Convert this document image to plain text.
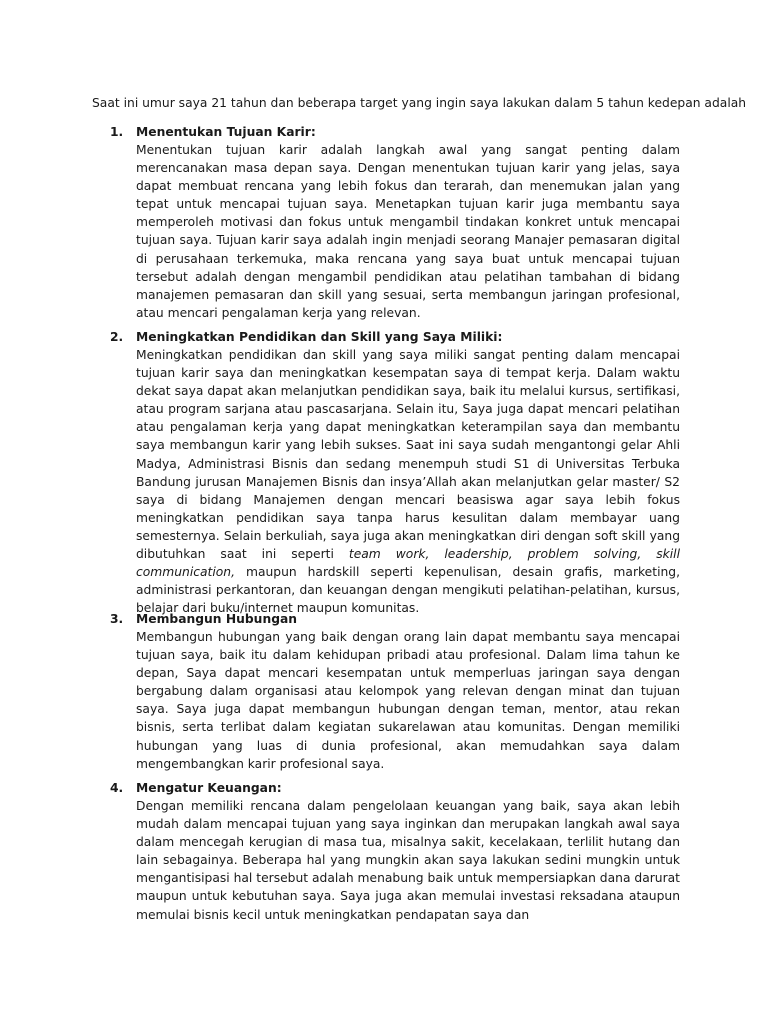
Saat ini umur saya 21 tahun dan beberapa target yang ingin saya lakukan dalam 5 tahun kedepan adalah
1. Menentukan Tujuan Karir:
Menentukan tujuan karir adalah langkah awal yang sangat penting dalam merencanakan masa depan saya. Dengan menentukan tujuan karir yang jelas, saya dapat membuat rencana yang lebih fokus dan terarah, dan menemukan jalan yang tepat untuk mencapai tujuan saya. Menetapkan tujuan karir juga membantu saya memperoleh motivasi dan fokus untuk mengambil tindakan konkret untuk mencapai tujuan saya. Tujuan karir saya adalah ingin menjadi seorang Manajer pemasaran digital di perusahaan terkemuka, maka rencana yang saya buat untuk mencapai tujuan tersebut adalah dengan mengambil pendidikan atau pelatihan tambahan di bidang manajemen pemasaran dan skill yang sesuai, serta membangun jaringan profesional, atau mencari pengalaman kerja yang relevan.
2. Meningkatkan Pendidikan dan Skill yang Saya Miliki:
Meningkatkan pendidikan dan skill yang saya miliki sangat penting dalam mencapai tujuan karir saya dan meningkatkan kesempatan saya di tempat kerja. Dalam waktu dekat saya dapat akan melanjutkan pendidikan saya, baik itu melalui kursus, sertifikasi, atau program sarjana atau pascasarjana. Selain itu, Saya juga dapat mencari pelatihan atau pengalaman kerja yang dapat meningkatkan keterampilan saya dan membantu saya membangun karir yang lebih sukses. Saat ini saya sudah mengantongi gelar Ahli Madya, Administrasi Bisnis dan sedang menempuh studi S1 di Universitas Terbuka Bandung jurusan Manajemen Bisnis dan insya’Allah akan melanjutkan gelar master/ S2 saya di bidang Manajemen dengan mencari beasiswa agar saya lebih fokus meningkatkan pendidikan saya tanpa harus kesulitan dalam membayar uang semesternya. Selain berkuliah, saya juga akan meningkatkan diri dengan soft skill yang dibutuhkan saat ini seperti team work, leadership, problem solving, skill communication, maupun hardskill seperti kepenulisan, desain grafis, marketing, administrasi perkantoran, dan keuangan dengan mengikuti pelatihan-pelatihan, kursus, belajar dari buku/internet maupun komunitas.
3. Membangun Hubungan
Membangun hubungan yang baik dengan orang lain dapat membantu saya mencapai tujuan saya, baik itu dalam kehidupan pribadi atau profesional. Dalam lima tahun ke depan, Saya dapat mencari kesempatan untuk memperluas jaringan saya dengan bergabung dalam organisasi atau kelompok yang relevan dengan minat dan tujuan saya. Saya juga dapat membangun hubungan dengan teman, mentor, atau rekan bisnis, serta terlibat dalam kegiatan sukarelawan atau komunitas. Dengan memiliki hubungan yang luas di dunia profesional, akan memudahkan saya dalam mengembangkan karir profesional saya.
4. Mengatur Keuangan:
Dengan memiliki rencana dalam pengelolaan keuangan yang baik, saya akan lebih mudah dalam mencapai tujuan yang saya inginkan dan merupakan langkah awal saya dalam mencegah kerugian di masa tua, misalnya sakit, kecelakaan, terlilit hutang dan lain sebagainya. Beberapa hal yang mungkin akan saya lakukan sedini mungkin untuk mengantisipasi hal tersebut adalah menabung baik untuk mempersiapkan dana darurat maupun untuk kebutuhan saya. Saya juga akan memulai investasi reksadana ataupun memulai bisnis kecil untuk meningkatkan pendapatan saya dan
